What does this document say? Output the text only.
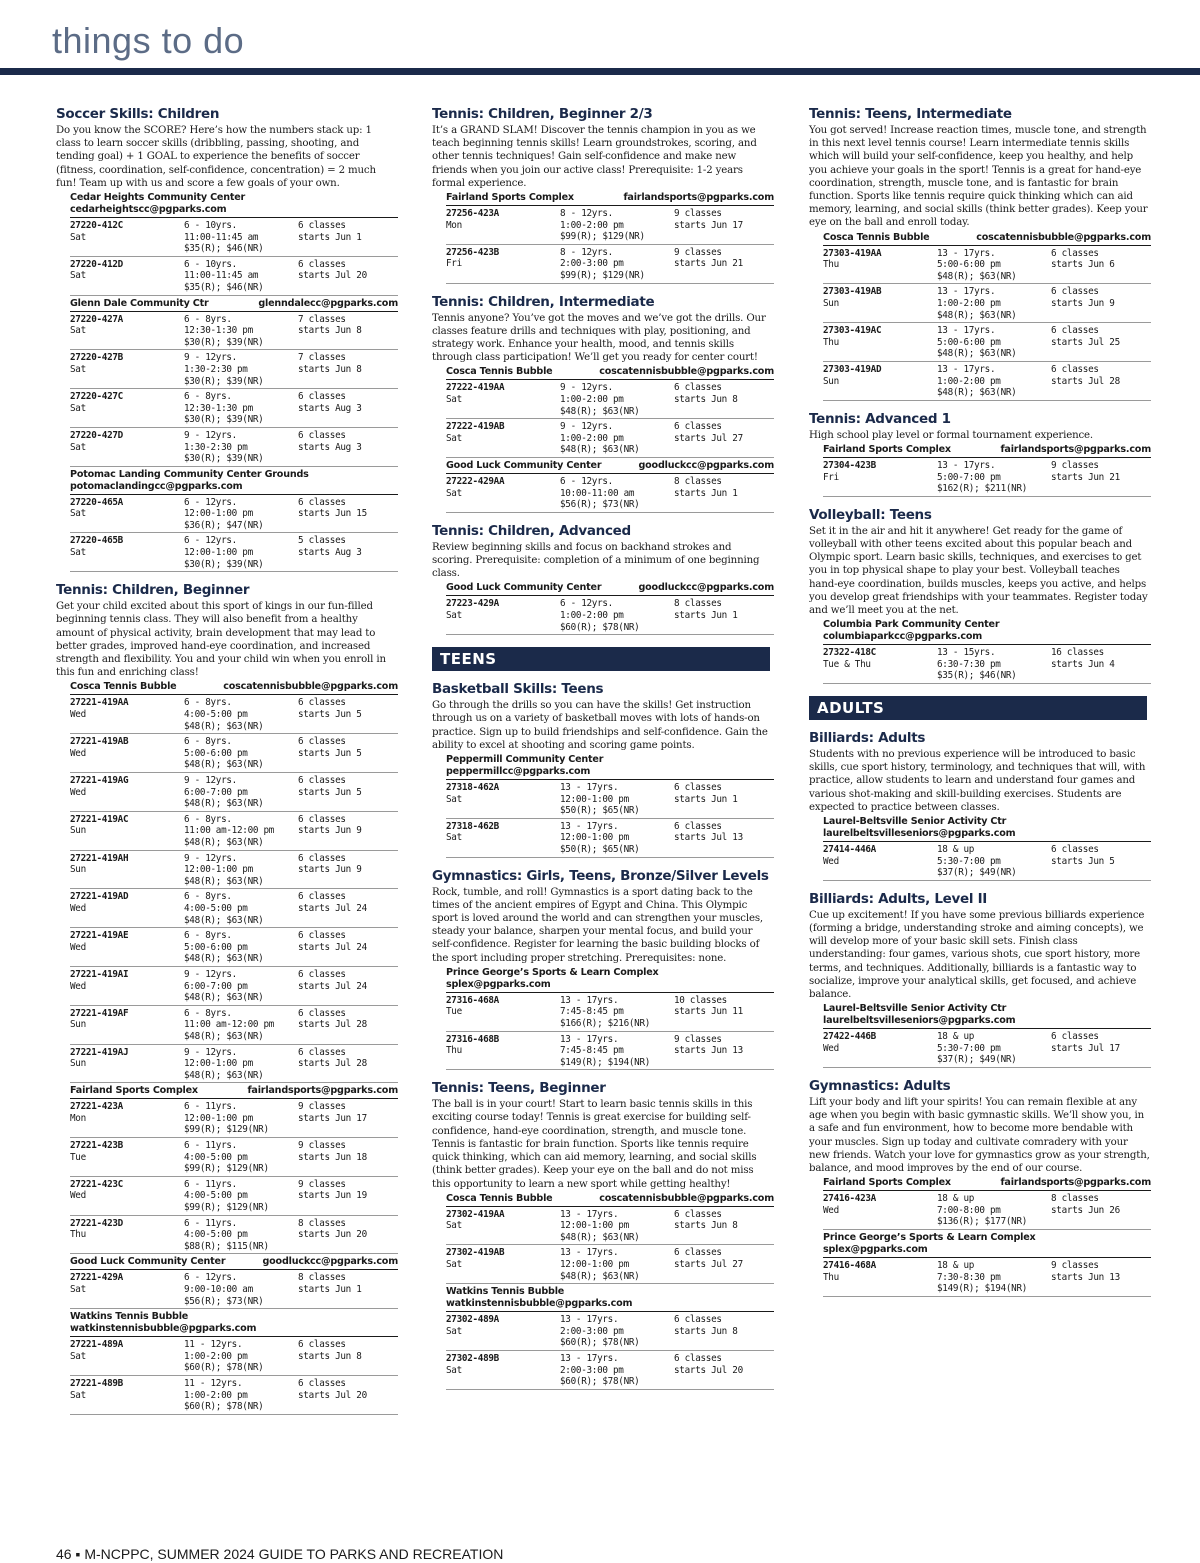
things to do
Soccer Skills: Children
Do you know the SCORE? Here’s how the numbers stack up: 1 class to learn soccer skills (dribbling, passing, shooting, and tending goal) + 1 GOAL to experience the benefits of soccer (fitness, coordination, self-confidence, concentration) = 2 much fun! Team up with us and score a few goals of your own.
Cedar Heights Community Center
cedarheightscc@pgparks.com
27220-412C	6 - 10yrs.	6 classes
Sat	11:00-11:45 am	starts Jun 1
$35(R); $46(NR)
27220-412D	6 - 10yrs.	6 classes
Sat	11:00-11:45 am	starts Jul 20
$35(R); $46(NR)
Glenn Dale Community Ctr	glenndalecc@pgparks.com
27220-427A	6 - 8yrs.	7 classes
Sat	12:30-1:30 pm	starts Jun 8
$30(R); $39(NR)
27220-427B	9 - 12yrs.	7 classes
Sat	1:30-2:30 pm	starts Jun 8
$30(R); $39(NR)
27220-427C	6 - 8yrs.	6 classes
Sat	12:30-1:30 pm	starts Aug 3
$30(R); $39(NR)
27220-427D	9 - 12yrs.	6 classes
Sat	1:30-2:30 pm	starts Aug 3
$30(R); $39(NR)
Potomac Landing Community Center Grounds
potomaclandingcc@pgparks.com
27220-465A	6 - 12yrs.	6 classes
Sat	12:00-1:00 pm	starts Jun 15
$36(R); $47(NR)
27220-465B	6 - 12yrs.	5 classes
Sat	12:00-1:00 pm	starts Aug 3
$30(R); $39(NR)
Tennis: Children, Beginner
Get your child excited about this sport of kings in our fun-filled beginning tennis class. They will also benefit from a healthy amount of physical activity, brain development that may lead to better grades, improved hand-eye coordination, and increased strength and flexibility. You and your child win when you enroll in this fun and enriching class!
Cosca Tennis Bubble	coscatennisbubble@pgparks.com
27221-419AA	6 - 8yrs.	6 classes
Wed	4:00-5:00 pm	starts Jun 5
$48(R); $63(NR)
27221-419AB	6 - 8yrs.	6 classes
Wed	5:00-6:00 pm	starts Jun 5
$48(R); $63(NR)
27221-419AG	9 - 12yrs.	6 classes
Wed	6:00-7:00 pm	starts Jun 5
$48(R); $63(NR)
27221-419AC	6 - 8yrs.	6 classes
Sun	11:00 am-12:00 pm	starts Jun 9
$48(R); $63(NR)
27221-419AH	9 - 12yrs.	6 classes
Sun	12:00-1:00 pm	starts Jun 9
$48(R); $63(NR)
27221-419AD	6 - 8yrs.	6 classes
Wed	4:00-5:00 pm	starts Jul 24
$48(R); $63(NR)
27221-419AE	6 - 8yrs.	6 classes
Wed	5:00-6:00 pm	starts Jul 24
$48(R); $63(NR)
27221-419AI	9 - 12yrs.	6 classes
Wed	6:00-7:00 pm	starts Jul 24
$48(R); $63(NR)
27221-419AF	6 - 8yrs.	6 classes
Sun	11:00 am-12:00 pm	starts Jul 28
$48(R); $63(NR)
27221-419AJ	9 - 12yrs.	6 classes
Sun	12:00-1:00 pm	starts Jul 28
$48(R); $63(NR)
Fairland Sports Complex	fairlandsports@pgparks.com
27221-423A	6 - 11yrs.	9 classes
Mon	12:00-1:00 pm	starts Jun 17
$99(R); $129(NR)
27221-423B	6 - 11yrs.	9 classes
Tue	4:00-5:00 pm	starts Jun 18
$99(R); $129(NR)
27221-423C	6 - 11yrs.	9 classes
Wed	4:00-5:00 pm	starts Jun 19
$99(R); $129(NR)
27221-423D	6 - 11yrs.	8 classes
Thu	4:00-5:00 pm	starts Jun 20
$88(R); $115(NR)
Good Luck Community Center	goodluckcc@pgparks.com
27221-429A	6 - 12yrs.	8 classes
Sat	9:00-10:00 am	starts Jun 1
$56(R); $73(NR)
Watkins Tennis Bubble
watkinstennisbubble@pgparks.com
27221-489A	11 - 12yrs.	6 classes
Sat	1:00-2:00 pm	starts Jun 8
$60(R); $78(NR)
27221-489B	11 - 12yrs.	6 classes
Sat	1:00-2:00 pm	starts Jul 20
$60(R); $78(NR)
Tennis: Children, Beginner 2/3
It’s a GRAND SLAM! Discover the tennis champion in you as we teach beginning tennis skills! Learn groundstrokes, scoring, and other tennis techniques! Gain self-confidence and make new friends when you join our active class! Prerequisite: 1-2 years formal experience.
Fairland Sports Complex	fairlandsports@pgparks.com
27256-423A	8 - 12yrs.	9 classes
Mon	1:00-2:00 pm	starts Jun 17
$99(R); $129(NR)
27256-423B	8 - 12yrs.	9 classes
Fri	2:00-3:00 pm	starts Jun 21
$99(R); $129(NR)
Tennis: Children, Intermediate
Tennis anyone? You’ve got the moves and we’ve got the drills. Our classes feature drills and techniques with play, positioning, and strategy work. Enhance your health, mood, and tennis skills through class participation! We’ll get you ready for center court!
Cosca Tennis Bubble	coscatennisbubble@pgparks.com
27222-419AA	9 - 12yrs.	6 classes
Sat	1:00-2:00 pm	starts Jun 8
$48(R); $63(NR)
27222-419AB	9 - 12yrs.	6 classes
Sat	1:00-2:00 pm	starts Jul 27
$48(R); $63(NR)
Good Luck Community Center	goodluckcc@pgparks.com
27222-429AA	6 - 12yrs.	8 classes
Sat	10:00-11:00 am	starts Jun 1
$56(R); $73(NR)
Tennis: Children, Advanced
Review beginning skills and focus on backhand strokes and scoring. Prerequisite: completion of a minimum of one beginning class.
Good Luck Community Center	goodluckcc@pgparks.com
27223-429A	6 - 12yrs.	8 classes
Sat	1:00-2:00 pm	starts Jun 1
$60(R); $78(NR)
TEENS
Basketball Skills: Teens
Go through the drills so you can have the skills! Get instruction through us on a variety of basketball moves with lots of hands-on practice. Sign up to build friendships and self-confidence. Gain the ability to excel at shooting and scoring game points.
Peppermill Community Center
peppermillcc@pgparks.com
27318-462A	13 - 17yrs.	6 classes
Sat	12:00-1:00 pm	starts Jun 1
$50(R); $65(NR)
27318-462B	13 - 17yrs.	6 classes
Sat	12:00-1:00 pm	starts Jul 13
$50(R); $65(NR)
Gymnastics: Girls, Teens, Bronze/Silver Levels
Rock, tumble, and roll! Gymnastics is a sport dating back to the times of the ancient empires of Egypt and China. This Olympic sport is loved around the world and can strengthen your muscles, steady your balance, sharpen your mental focus, and build your self-confidence. Register for learning the basic building blocks of the sport including proper stretching. Prerequisites: none.
Prince George’s Sports & Learn Complex
splex@pgparks.com
27316-468A	13 - 17yrs.	10 classes
Tue	7:45-8:45 pm	starts Jun 11
$166(R); $216(NR)
27316-468B	13 - 17yrs.	9 classes
Thu	7:45-8:45 pm	starts Jun 13
$149(R); $194(NR)
Tennis: Teens, Beginner
The ball is in your court! Start to learn basic tennis skills in this exciting course today! Tennis is great exercise for building self-confidence, hand-eye coordination, strength, and muscle tone. Tennis is fantastic for brain function. Sports like tennis require quick thinking, which can aid memory, learning, and social skills (think better grades). Keep your eye on the ball and do not miss this opportunity to learn a new sport while getting healthy!
Cosca Tennis Bubble	coscatennisbubble@pgparks.com
27302-419AA	13 - 17yrs.	6 classes
Sat	12:00-1:00 pm	starts Jun 8
$48(R); $63(NR)
27302-419AB	13 - 17yrs.	6 classes
Sat	12:00-1:00 pm	starts Jul 27
$48(R); $63(NR)
Watkins Tennis Bubble
watkinstennisbubble@pgparks.com
27302-489A	13 - 17yrs.	6 classes
Sat	2:00-3:00 pm	starts Jun 8
$60(R); $78(NR)
27302-489B	13 - 17yrs.	6 classes
Sat	2:00-3:00 pm	starts Jul 20
$60(R); $78(NR)
Tennis: Teens, Intermediate
You got served! Increase reaction times, muscle tone, and strength in this next level tennis course! Learn intermediate tennis skills which will build your self-confidence, keep you healthy, and help you achieve your goals in the sport! Tennis is a great for hand-eye coordination, strength, muscle tone, and is fantastic for brain function. Sports like tennis require quick thinking which can aid memory, learning, and social skills (think better grades). Keep your eye on the ball and enroll today.
Cosca Tennis Bubble	coscatennisbubble@pgparks.com
27303-419AA	13 - 17yrs.	6 classes
Thu	5:00-6:00 pm	starts Jun 6
$48(R); $63(NR)
27303-419AB	13 - 17yrs.	6 classes
Sun	1:00-2:00 pm	starts Jun 9
$48(R); $63(NR)
27303-419AC	13 - 17yrs.	6 classes
Thu	5:00-6:00 pm	starts Jul 25
$48(R); $63(NR)
27303-419AD	13 - 17yrs.	6 classes
Sun	1:00-2:00 pm	starts Jul 28
$48(R); $63(NR)
Tennis: Advanced 1
High school play level or formal tournament experience.
Fairland Sports Complex	fairlandsports@pgparks.com
27304-423B	13 - 17yrs.	9 classes
Fri	5:00-7:00 pm	starts Jun 21
$162(R); $211(NR)
Volleyball: Teens
Set it in the air and hit it anywhere! Get ready for the game of volleyball with other teens excited about this popular beach and Olympic sport. Learn basic skills, techniques, and exercises to get you in top physical shape to play your best. Volleyball teaches hand-eye coordination, builds muscles, keeps you active, and helps you develop great friendships with your teammates. Register today and we’ll meet you at the net.
Columbia Park Community Center
columbiaparkcc@pgparks.com
27322-418C	13 - 15yrs.	16 classes
Tue & Thu	6:30-7:30 pm	starts Jun 4
$35(R); $46(NR)
ADULTS
Billiards: Adults
Students with no previous experience will be introduced to basic skills, cue sport history, terminology, and techniques that will, with practice, allow students to learn and understand four games and various shot-making and skill-building exercises. Students are expected to practice between classes.
Laurel-Beltsville Senior Activity Ctr
laurelbeltsvilleseniors@pgparks.com
27414-446A	18 & up	6 classes
Wed	5:30-7:00 pm	starts Jun 5
$37(R); $49(NR)
Billiards: Adults, Level II
Cue up excitement! If you have some previous billiards experience (forming a bridge, understanding stroke and aiming concepts), we will develop more of your basic skill sets. Finish class understanding: four games, various shots, cue sport history, more terms, and techniques. Additionally, billiards is a fantastic way to socialize, improve your analytical skills, get focused, and achieve balance.
Laurel-Beltsville Senior Activity Ctr
laurelbeltsvilleseniors@pgparks.com
27422-446B	18 & up	6 classes
Wed	5:30-7:00 pm	starts Jul 17
$37(R); $49(NR)
Gymnastics: Adults
Lift your body and lift your spirits! You can remain flexible at any age when you begin with basic gymnastic skills. We’ll show you, in a safe and fun environment, how to become more bendable with your muscles. Sign up today and cultivate comradery with your new friends. Watch your love for gymnastics grow as your strength, balance, and mood improves by the end of our course.
Fairland Sports Complex	fairlandsports@pgparks.com
27416-423A	18 & up	8 classes
Wed	7:00-8:00 pm	starts Jun 26
$136(R); $177(NR)
Prince George’s Sports & Learn Complex
splex@pgparks.com
27416-468A	18 & up	9 classes
Thu	7:30-8:30 pm	starts Jun 13
$149(R); $194(NR)
46 ▪ M-NCPPC, SUMMER 2024 GUIDE TO PARKS AND RECREATION
